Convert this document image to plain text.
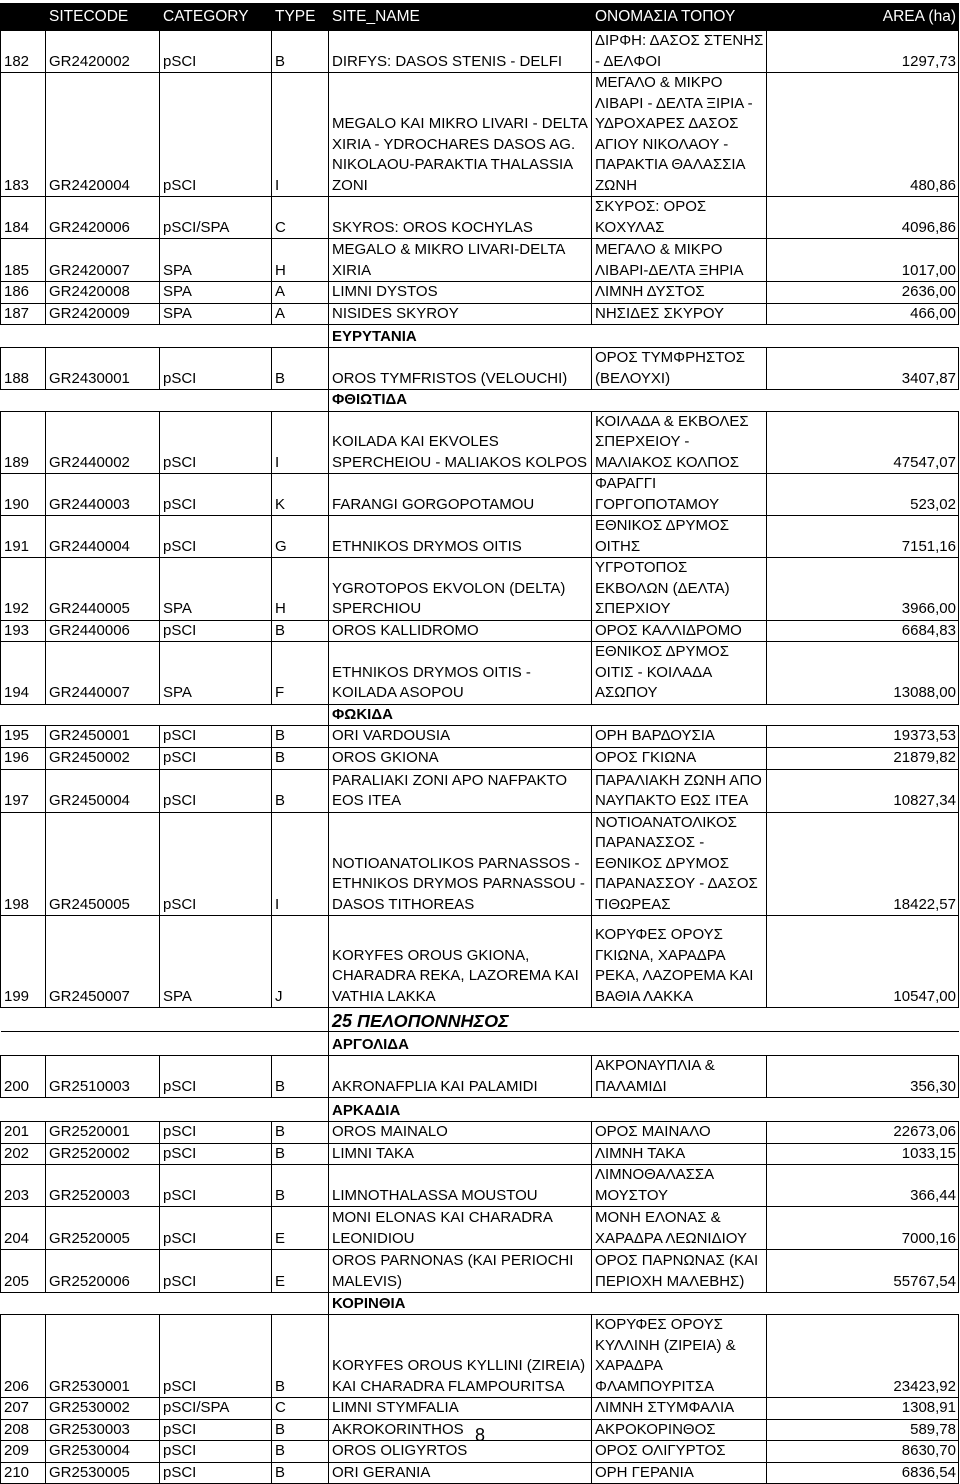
	SITECODE	CATEGORY	TYPE	SITE_NAME	ΟΝΟΜΑΣΙΑ ΤΟΠΟΥ	AREA (ha)
182	GR2420002	pSCI	B	DIRFYS: DASOS STENIS - DELFI	ΔΙΡΦΗ: ΔΑΣΟΣ ΣΤΕΝΗΣ - ΔΕΛΦΟΙ	1297,73
183	GR2420004	pSCI	I	MEGALO KAI MIKRO LIVARI - DELTA XIRIA - YDROCHARES DASOS AG. NIKOLAOU-PARAKTIA THALASSIA ZONI	ΜΕΓΑΛΟ & ΜΙΚΡΟ ΛΙΒΑΡΙ - ΔΕΛΤΑ ΞΙΡΙΑ - ΥΔΡΟΧΑΡΕΣ ΔΑΣΟΣ ΑΓΙΟΥ ΝΙΚΟΛΑΟΥ - ΠΑΡΑΚΤΙΑ ΘΑΛΑΣΣΙΑ ΖΩΝΗ	480,86
184	GR2420006	pSCI/SPA	C	SKYROS: OROS KOCHYLAS	ΣΚΥΡΟΣ: ΟΡΟΣ ΚΟΧΥΛΑΣ	4096,86
185	GR2420007	SPA	H	MEGALO & MIKRO LIVARI-DELTA XIRIA	ΜΕΓΑΛΟ & ΜΙΚΡΟ ΛΙΒΑΡΙ-ΔΕΛΤΑ ΞΗΡΙΑ	1017,00
186	GR2420008	SPA	A	LIMNI DYSTOS	ΛΙΜΝΗ ΔΥΣΤΟΣ	2636,00
187	GR2420009	SPA	A	NISIDES SKYROY	ΝΗΣΙΔΕΣ ΣΚΥΡΟΥ	466,00
				ΕΥΡΥΤΑΝΙΑ		
188	GR2430001	pSCI	B	OROS TYMFRISTOS (VELOUCHI)	ΟΡΟΣ ΤΥΜΦΡΗΣΤΟΣ (ΒΕΛΟΥΧΙ)	3407,87
				ΦΘΙΩΤΙΔΑ		
189	GR2440002	pSCI	I	KOILADA KAI EKVOLES SPERCHEIOU - MALIAKOS KOLPOS	ΚΟΙΛΑΔΑ & ΕΚΒΟΛΕΣ ΣΠΕΡΧΕΙΟΥ - ΜΑΛΙΑΚΟΣ ΚΟΛΠΟΣ	47547,07
190	GR2440003	pSCI	K	FARANGI GORGOPOTAMOU	ΦΑΡΑΓΓΙ ΓΟΡΓΟΠΟΤΑΜΟΥ	523,02
191	GR2440004	pSCI	G	ETHNIKOS DRYMOS OITIS	ΕΘΝΙΚΟΣ ΔΡΥΜΟΣ ΟΙΤΗΣ	7151,16
192	GR2440005	SPA	H	YGROTOPOS EKVOLON (DELTA) SPERCHIOU	ΥΓΡΟΤΟΠΟΣ ΕΚΒΟΛΩΝ (ΔΕΛΤΑ) ΣΠΕΡΧΙΟΥ	3966,00
193	GR2440006	pSCI	B	OROS KALLIDROMO	ΟΡΟΣ ΚΑΛΛΙΔΡΟΜΟ	6684,83
194	GR2440007	SPA	F	ETHNIKOS DRYMOS OITIS - KOILADA ASOPOU	ΕΘΝΙΚΟΣ ΔΡΥΜΟΣ ΟΙΤΙΣ - ΚΟΙΛΑΔΑ ΑΣΩΠΟΥ	13088,00
				ΦΩΚΙΔΑ		
195	GR2450001	pSCI	B	ORI VARDOUSIA	ΟΡΗ ΒΑΡΔΟΥΣΙΑ	19373,53
196	GR2450002	pSCI	B	OROS GKIONA	ΟΡΟΣ ΓΚΙΩΝΑ	21879,82
197	GR2450004	pSCI	B	PARALIAKI ZONI APO NAFPAKTO EOS ITEA	ΠΑΡΑΛΙΑΚΗ ΖΩΝΗ ΑΠΟ ΝΑΥΠΑΚΤΟ ΕΩΣ ΙΤΕΑ	10827,34
198	GR2450005	pSCI	I	NOTIOANATOLIKOS PARNASSOS - ETHNIKOS DRYMOS PARNASSOU - DASOS TITHOREAS	ΝΟΤΙΟΑΝΑΤΟΛΙΚΟΣ ΠΑΡΑΝΑΣΣΟΣ - ΕΘΝΙΚΟΣ ΔΡΥΜΟΣ ΠΑΡΑΝΑΣΣΟΥ - ΔΑΣΟΣ ΤΙΘΩΡΕΑΣ	18422,57
199	GR2450007	SPA	J	KORYFES OROUS GKIONA, CHARADRA REKA, LAZOREMA KAI VATHIA LAKKA	ΚΟΡΥΦΕΣ ΟΡΟΥΣ ΓΚΙΩΝΑ, ΧΑΡΑΔΡΑ ΡΕΚΑ, ΛΑΖΟΡΕΜΑ ΚΑΙ ΒΑΘΙΑ ΛΑΚΚΑ	10547,00
				25 ΠΕΛΟΠΟΝΝΗΣΟΣ		
				ΑΡΓΟΛΙΔΑ		
200	GR2510003	pSCI	B	AKRONAFPLIA KAI PALAMIDI	ΑΚΡΟΝΑΥΠΛΙΑ & ΠΑΛΑΜΙΔΙ	356,30
				ΑΡΚΑΔΙΑ		
201	GR2520001	pSCI	B	OROS MAINALO	ΟΡΟΣ ΜΑΙΝΑΛΟ	22673,06
202	GR2520002	pSCI	B	LIMNI TAKA	ΛΙΜΝΗ ΤΑΚΑ	1033,15
203	GR2520003	pSCI	B	LIMNOTHALASSA MOUSTOU	ΛΙΜΝΟΘΑΛΑΣΣΑ ΜΟΥΣΤΟΥ	366,44
204	GR2520005	pSCI	E	MONI ELONAS KAI CHARADRA LEONIDIOU	ΜΟΝΗ ΕΛΟΝΑΣ & ΧΑΡΑΔΡΑ ΛΕΩΝΙΔΙΟΥ	7000,16
205	GR2520006	pSCI	E	OROS PARNONAS (KAI PERIOCHI MALEVIS)	ΟΡΟΣ ΠΑΡΝΩΝΑΣ (ΚΑΙ ΠΕΡΙΟΧΗ ΜΑΛΕΒΗΣ)	55767,54
				ΚΟΡΙΝΘΙΑ		
206	GR2530001	pSCI	B	KORYFES OROUS KYLLINI (ZIREIA) KAI CHARADRA FLAMPOURITSA	ΚΟΡΥΦΕΣ ΟΡΟΥΣ ΚΥΛΛΙΝΗ (ΖΙΡΕΙΑ) & ΧΑΡΑΔΡΑ ΦΛΑΜΠΟΥΡΙΤΣΑ	23423,92
207	GR2530002	pSCI/SPA	C	LIMNI STYMFALIA	ΛΙΜΝΗ ΣΤΥΜΦΑΛΙΑ	1308,91
208	GR2530003	pSCI	B	AKROKORINTHOS	ΑΚΡΟΚΟΡΙΝΘΟΣ	589,78
209	GR2530004	pSCI	B	OROS OLIGYRTOS	ΟΡΟΣ ΟΛΙΓΥΡΤΟΣ	8630,70
210	GR2530005	pSCI	B	ORI GERANIA	ΟΡΗ ΓΕΡΑΝΙΑ	6836,54
8
